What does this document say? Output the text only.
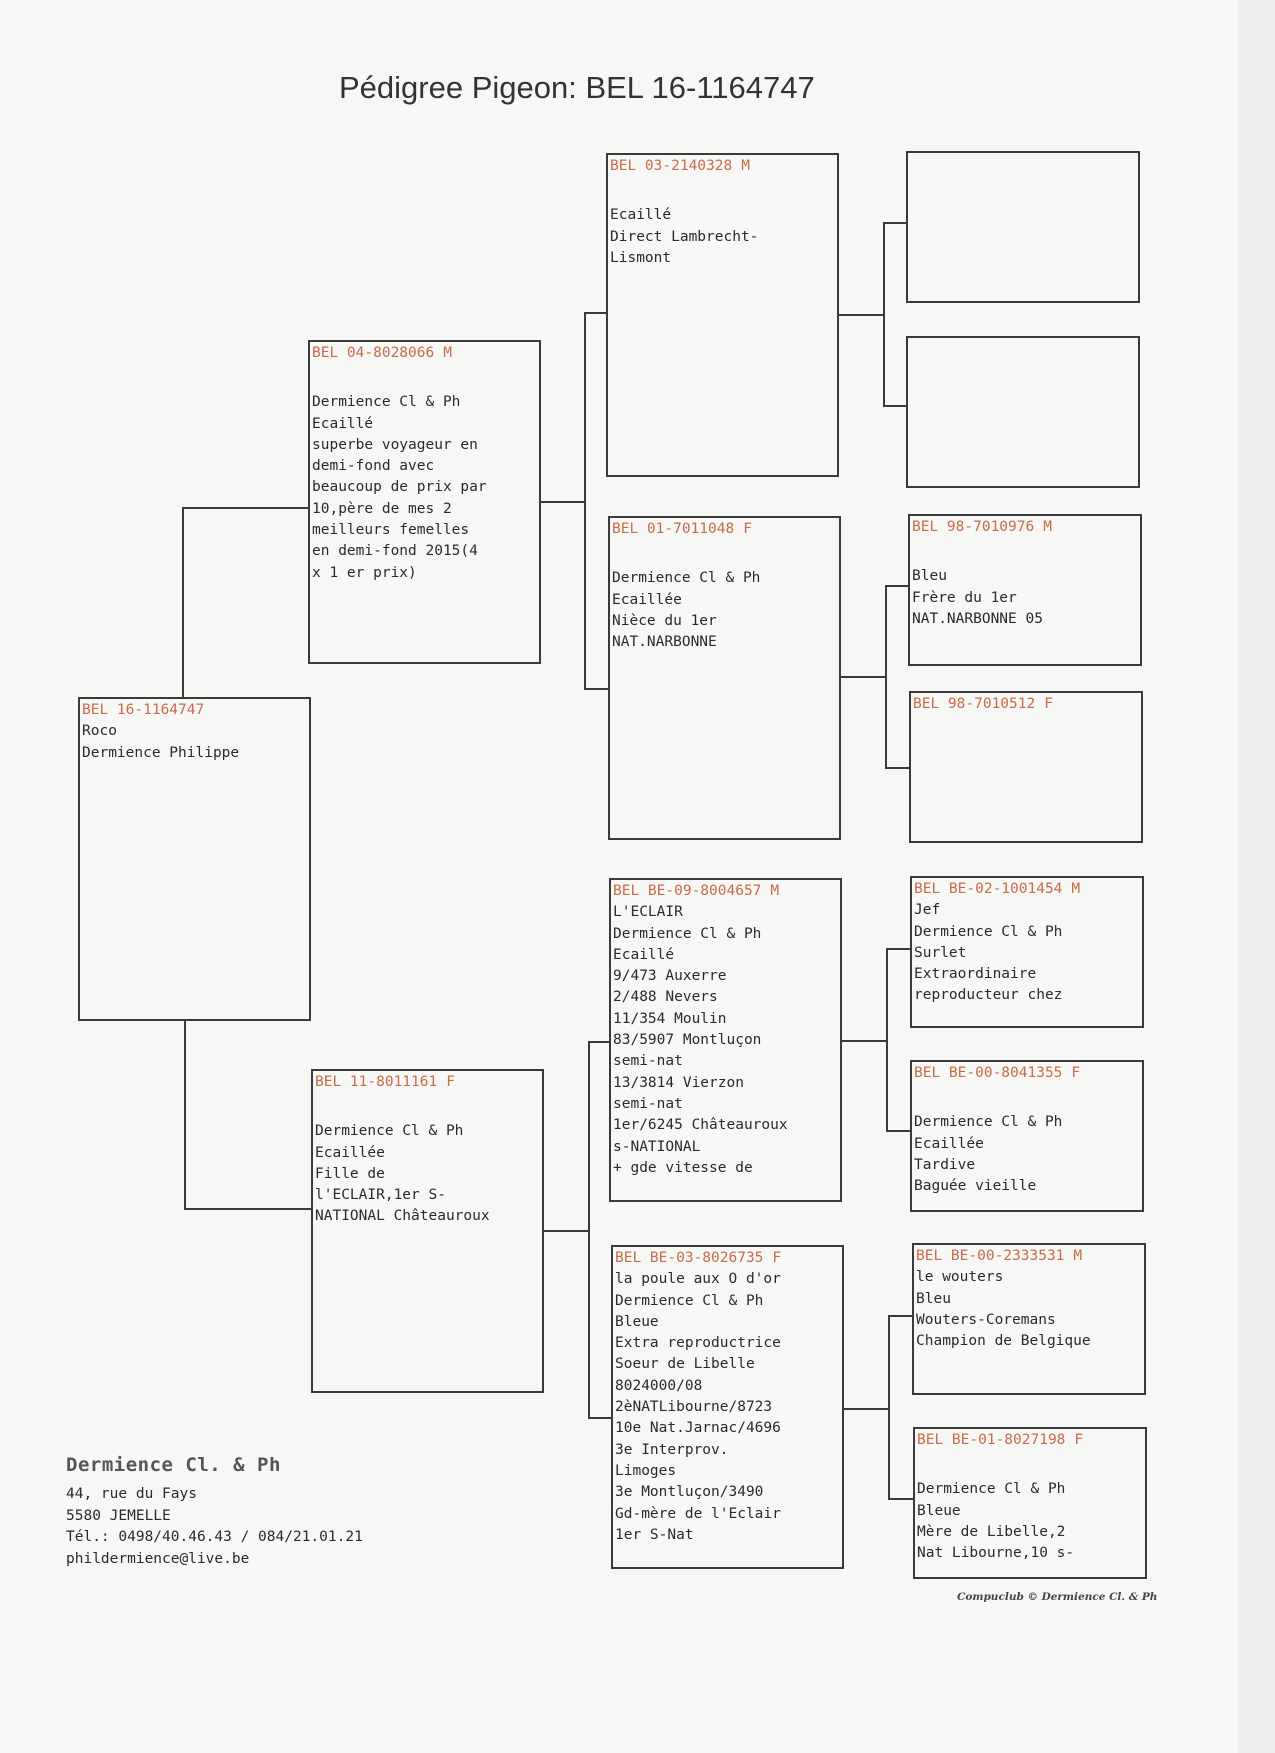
Pédigree Pigeon: BEL 16-1164747
BEL 16-1164747
Roco
Dermience Philippe
BEL 04-8028066 M
Dermience Cl & Ph
Ecaillé
superbe voyageur en
demi-fond avec
beaucoup de prix par
10,père de mes 2
meilleurs femelles
en demi-fond 2015(4
x 1 er prix)
BEL 11-8011161 F
Dermience Cl & Ph
Ecaillée
Fille de
l'ECLAIR,1er S-
NATIONAL Châteauroux
BEL 03-2140328 M
Ecaillé
Direct Lambrecht-
Lismont
BEL 01-7011048 F
Dermience Cl & Ph
Ecaillée
Nièce du 1er
NAT.NARBONNE
BEL BE-09-8004657 M
L'ECLAIR
Dermience Cl & Ph
Ecaillé
9/473 Auxerre
2/488 Nevers
11/354 Moulin
83/5907 Montluçon
semi-nat
13/3814 Vierzon
semi-nat
1er/6245 Châteauroux
s-NATIONAL
+ gde vitesse de
BEL BE-03-8026735 F
la poule aux O d'or
Dermience Cl & Ph
Bleue
Extra reproductrice
Soeur de Libelle
8024000/08
2èNATLibourne/8723
10e Nat.Jarnac/4696
3e Interprov.
Limoges
3e Montluçon/3490
Gd-mère de l'Eclair
1er S-Nat
BEL 98-7010976 M
Bleu
Frère du 1er
NAT.NARBONNE 05
BEL 98-7010512 F
BEL BE-02-1001454 M
Jef
Dermience Cl & Ph
Surlet
Extraordinaire
reproducteur chez
BEL BE-00-8041355 F
Dermience Cl & Ph
Ecaillée
Tardive
Baguée vieille
BEL BE-00-2333531 M
le wouters
Bleu
Wouters-Coremans
Champion de Belgique
BEL BE-01-8027198 F
Dermience Cl & Ph
Bleue
Mère de Libelle,2
Nat Libourne,10 s-
Dermience Cl. & Ph
44, rue du Fays
5580 JEMELLE
Tél.: 0498/40.46.43 / 084/21.01.21
phildermience@live.be
Compuclub © Dermience Cl. & Ph
